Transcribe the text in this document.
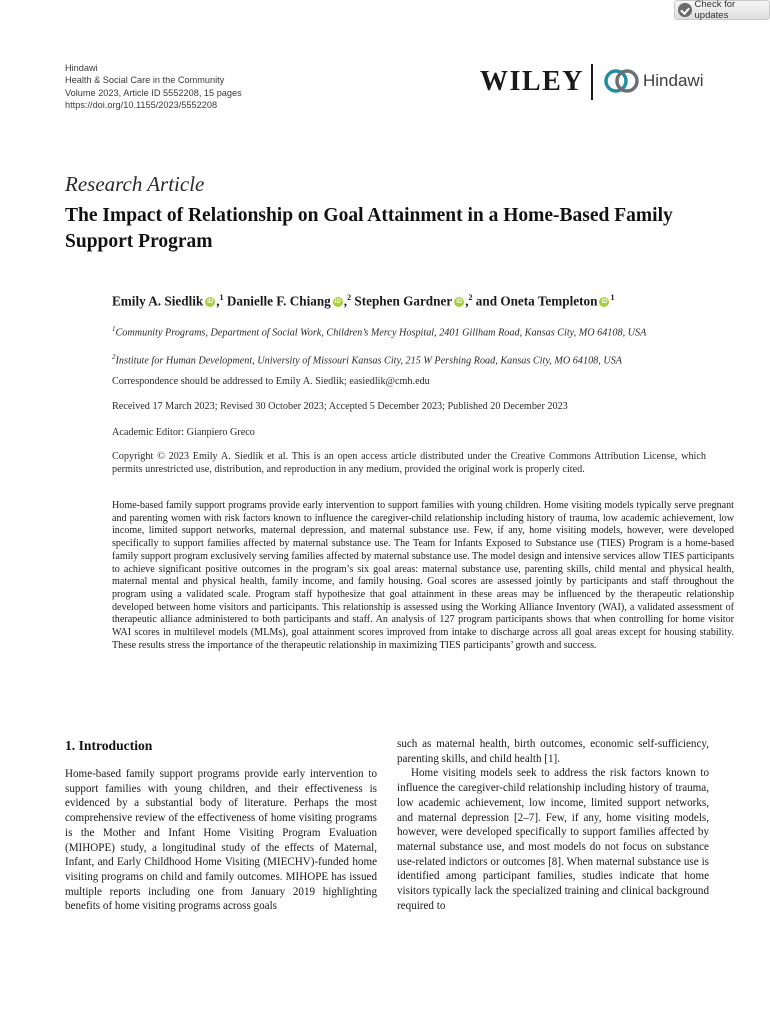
Check for updates
Hindawi
Health & Social Care in the Community
Volume 2023, Article ID 5552208, 15 pages
https://doi.org/10.1155/2023/5552208
WILEY	Hindawi
Research Article
The Impact of Relationship on Goal Attainment in a Home-Based Family Support Program
Emily A. Siedlik iD ,$^1$ Danielle F. Chiang iD ,$^2$ Stephen Gardner iD ,$^2$ and Oneta Templeton $iD^1$
$^1$Community Programs, Department of Social Work, Children’s Mercy Hospital, 2401 Gillham Road, Kansas City, MO 64108, USA
$^2$Institute for Human Development, University of Missouri Kansas City, 215 W Pershing Road, Kansas City, MO 64108, USA
Correspondence should be addressed to Emily A. Siedlik; easiedlik@cmh.edu
Received 17 March 2023; Revised 30 October 2023; Accepted 5 December 2023; Published 20 December 2023
Academic Editor: Gianpiero Greco
Copyright © 2023 Emily A. Siedlik et al. This is an open access article distributed under the Creative Commons Attribution License, which permits unrestricted use, distribution, and reproduction in any medium, provided the original work is properly cited.
Home-based family support programs provide early intervention to support families with young children. Home visiting models typically serve pregnant and parenting women with risk factors known to influence the caregiver-child relationship including history of trauma, low academic achievement, low income, limited support networks, maternal depression, and maternal substance use. Few, if any, home visiting models, however, were developed specifically to support families affected by maternal substance use. The Team for Infants Exposed to Substance use (TIES) Program is a home-based family support program exclusively serving families affected by maternal substance use. The model design and intensive services allow TIES participants to achieve significant positive outcomes in the program’s six goal areas: maternal substance use, parenting skills, child mental and physical health, maternal mental and physical health, family income, and family housing. Goal scores are assessed jointly by participants and staff throughout the program using a validated scale. Program staff hypothesize that goal attainment in these areas may be influenced by the therapeutic relationship developed between home visitors and participants. This relationship is assessed using the Working Alliance Inventory (WAI), a validated assessment of therapeutic alliance administered to both participants and staff. An analysis of 127 program participants shows that when controlling for home visitor WAI scores in multilevel models (MLMs), goal attainment scores improved from intake to discharge across all goal areas except for housing stability. These results stress the importance of the therapeutic relationship in maximizing TIES participants’ growth and success.
1. Introduction

Home-based family support programs provide early intervention to support families with young children, and their effectiveness is evidenced by a substantial body of literature. Perhaps the most comprehensive review of the effectiveness of home visiting programs is the Mother and Infant Home Visiting Program Evaluation (MIHOPE) study, a longitudinal study of the effects of Maternal, Infant, and Early Childhood Home Visiting (MIECHV)-funded home visiting programs on child and family outcomes. MIHOPE has issued multiple reports including one from January 2019 highlighting benefits of home visiting programs across goals

such as maternal health, birth outcomes, economic self-sufficiency, parenting skills, and child health [1].

Home visiting models seek to address the risk factors known to influence the caregiver-child relationship including history of trauma, low academic achievement, low income, limited support networks, and maternal depression [2–7]. Few, if any, home visiting models, however, were developed specifically to support families affected by maternal substance use, and most models do not focus on substance use-related indictors or outcomes [8]. When maternal substance use is identified among participant families, studies indicate that home visitors typically lack the specialized training and clinical background required to
